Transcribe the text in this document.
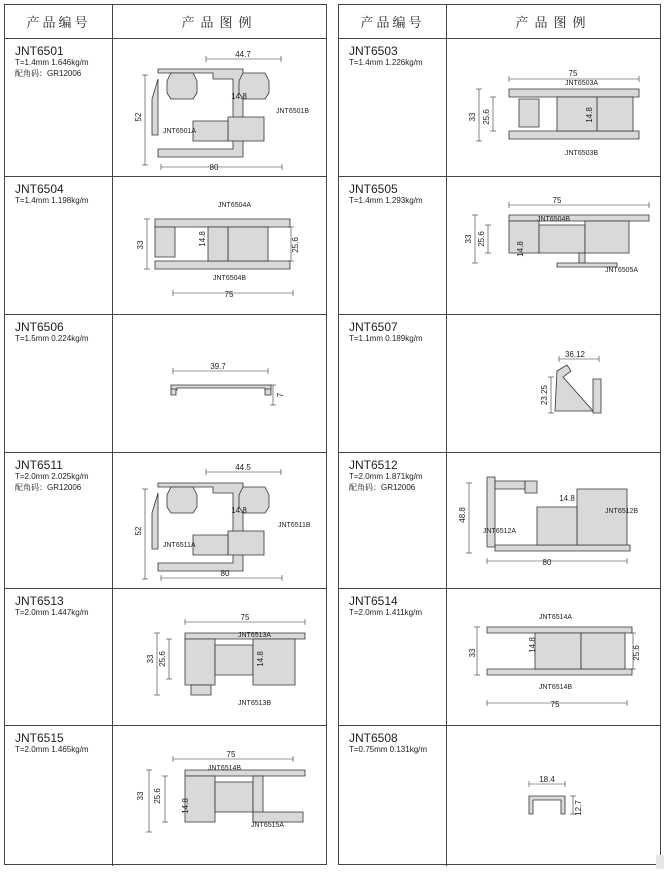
产品编号	产品图例
JNT6501
T=1.4mm 1.646kg/m
配角码：GR12006
44.7
14.8
52
80
JNT6501B
JNT6501A
JNT6504
T=1.4mm 1.198kg/m
14.8
33	25.6
75
JNT6504A
JNT6504B
JNT6506
T=1.5mm 0.224kg/m
39.7
7
JNT6511
T=2.0mm 2.025kg/m
配角码：GR12006
44.5
14.8
52
80
JNT6511B
JNT6511A
JNT6513
T=2.0mm 1.447kg/m
75
33 25.6	14.8
JNT6513A
JNT6513B
JNT6515
T=2.0mm 1.465kg/m
75
33 25.6
14.8
JNT6514B
JNT6515A
产品编号	产品图例
JNT6503
T=1.4mm 1.226kg/m
75
33 25.6	14.8
JNT6503A
JNT6503B
JNT6505
T=1.4mm 1.293kg/m	75
33 25.6
14.8
JNT6504B
JNT6505A
JNT6507
T=1.1mm 0.189kg/m
36.12
23.25
JNT6512
T=2.0mm 1.871kg/m
配角码：GR12006
14.8
48.8
80
JNT6512B
JNT6512A
JNT6514
T=2.0mm 1.411kg/m
14.8
33	25.6
75
JNT6514A
JNT6514B
JNT6508
T=0.75mm 0.131kg/m
18.4
12.7
